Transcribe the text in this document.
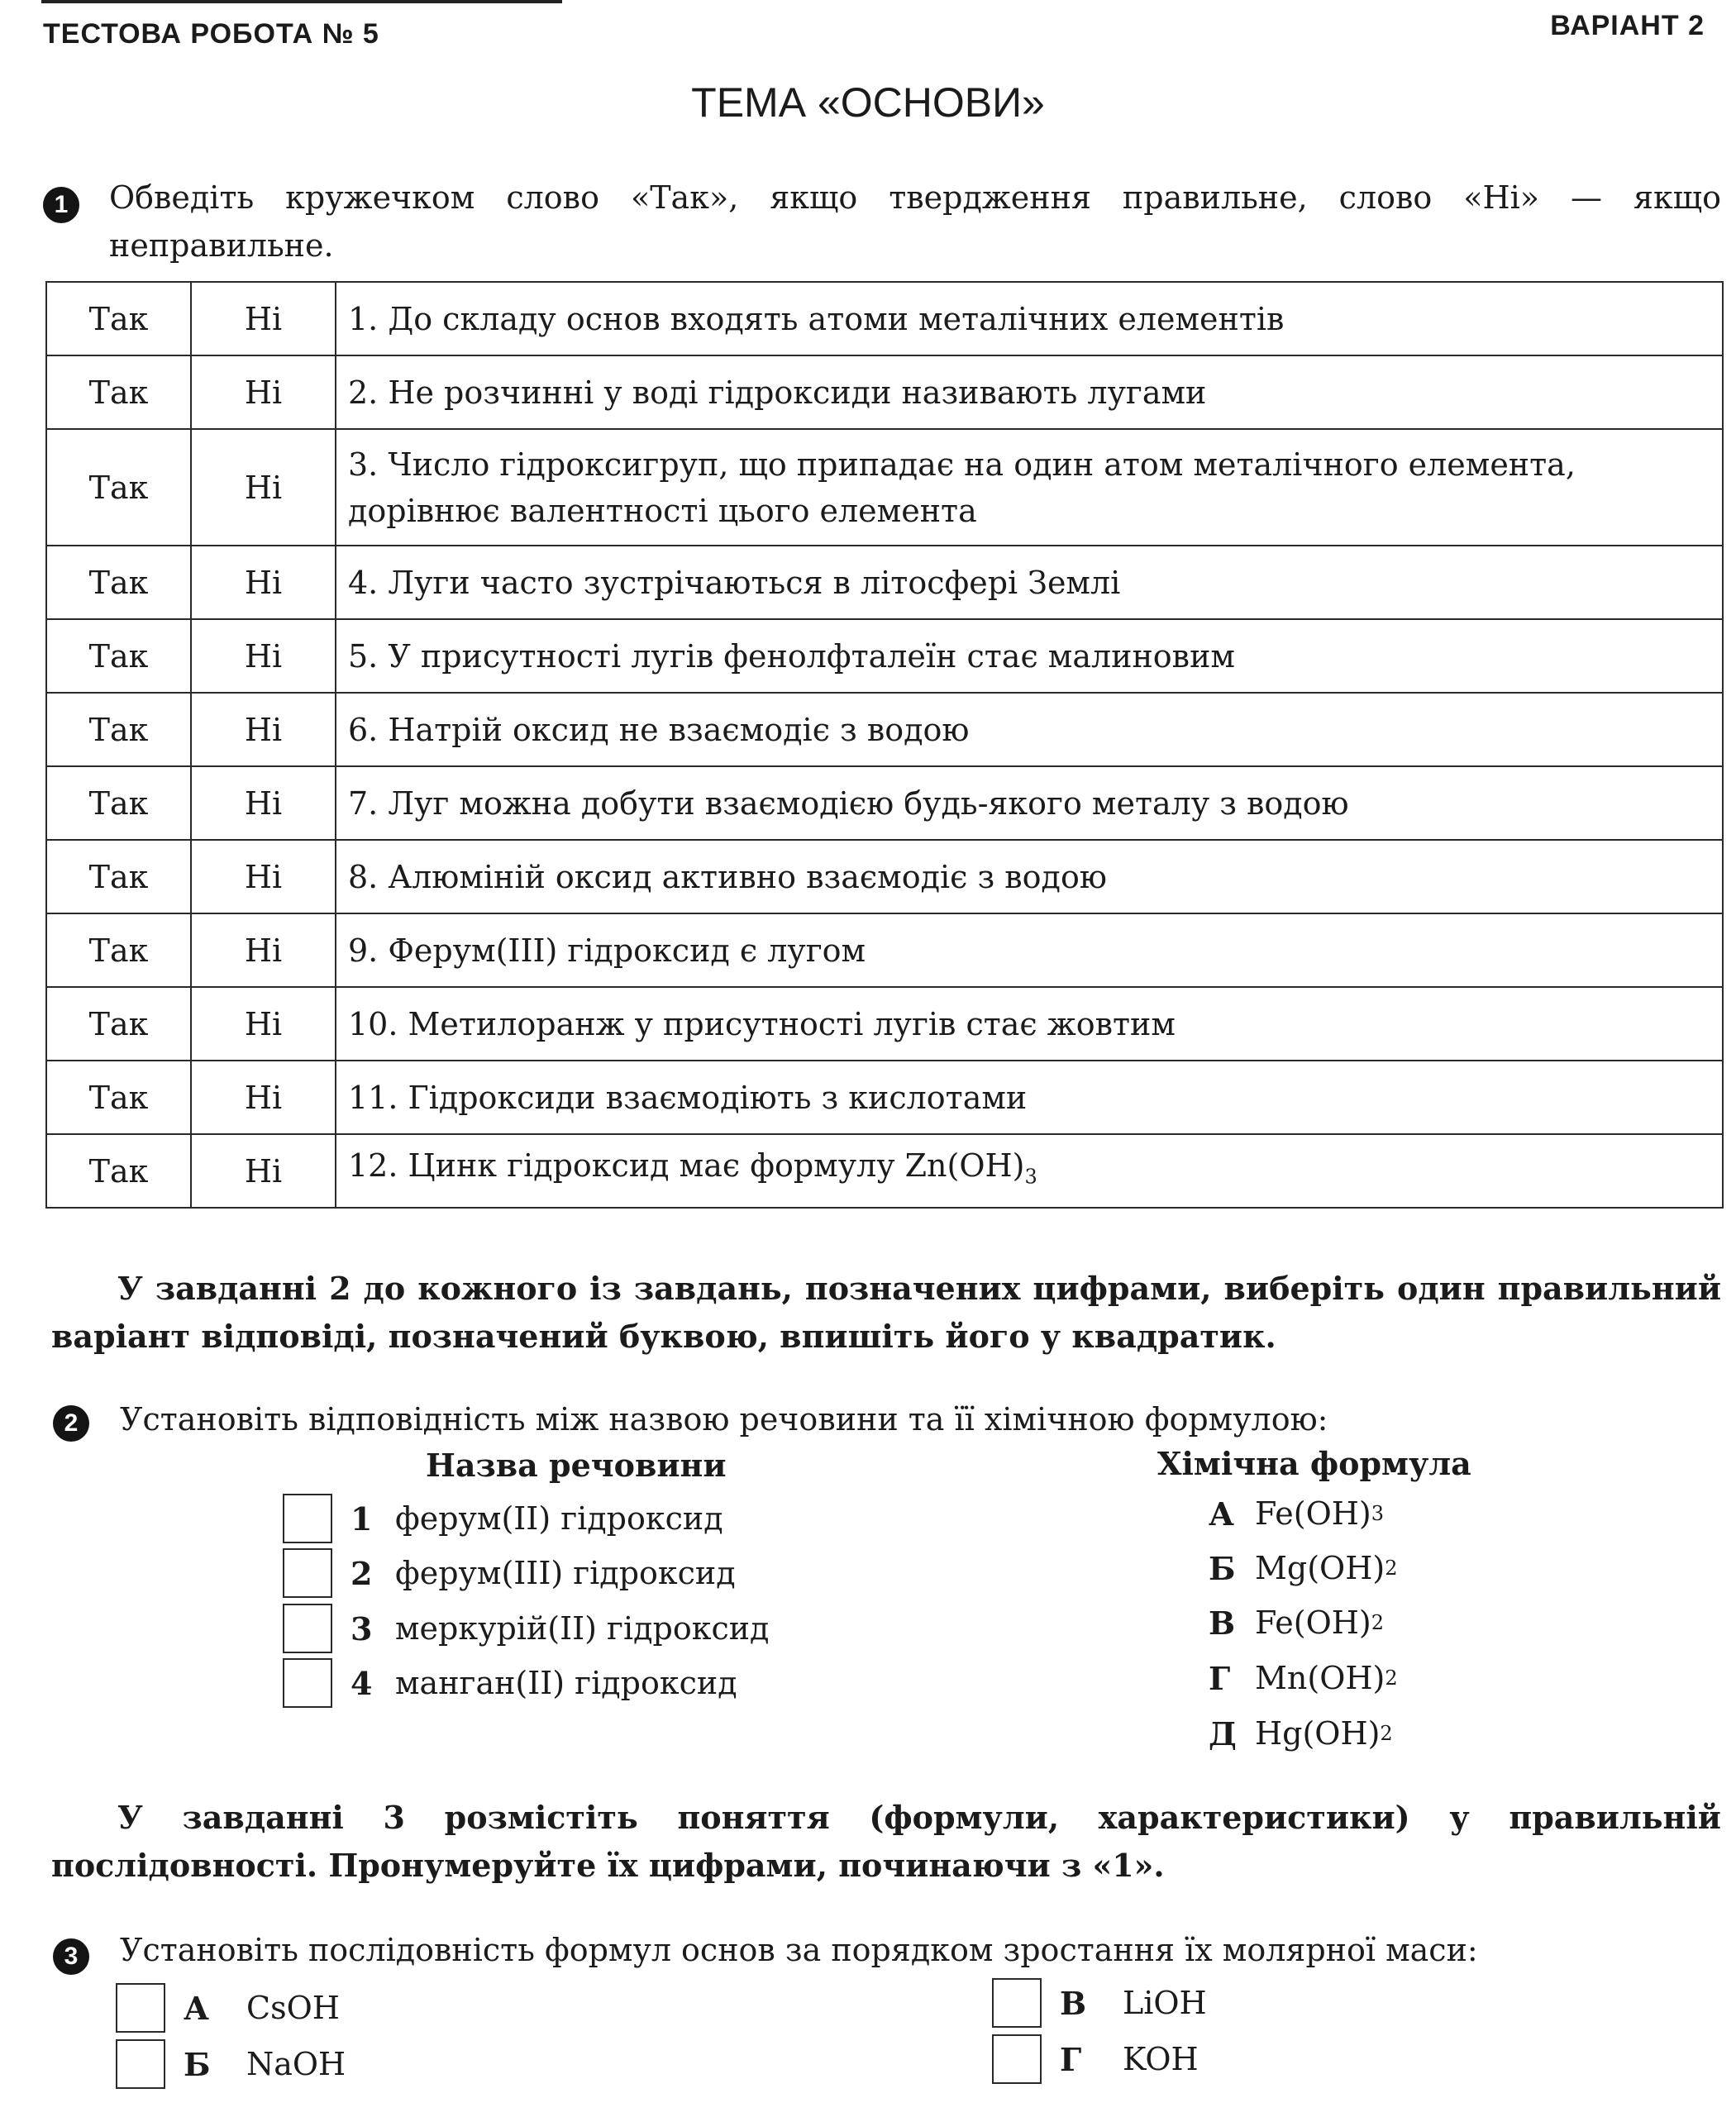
ТЕСТОВА РОБОТА № 5	ВАРІАНТ 2
ТЕМА «ОСНОВИ»
1	Обведіть кружечком слово «Так», якщо твердження правильне, слово «Ні» — якщо неправильне.
Так	Ні	1. До складу основ входять атоми металічних елементів
Так	Ні	2. Не розчинні у воді гідроксиди називають лугами
Так	Ні	3. Число гідроксигруп, що припадає на один атом металічного елемента, дорівнює валентності цього елемента
Так	Ні	4. Луги часто зустрічаються в літосфері Землі
Так	Ні	5. У присутності лугів фенолфталеїн стає малиновим
Так	Ні	6. Натрій оксид не взаємодіє з водою
Так	Ні	7. Луг можна добути взаємодією будь-якого металу з водою
Так	Ні	8. Алюміній оксид активно взаємодіє з водою
Так	Ні	9. Ферум(III) гідроксид є лугом
Так	Ні	10. Метилоранж у присутності лугів стає жовтим
Так	Ні	11. Гідроксиди взаємодіють з кислотами
Так	Ні	12. Цинк гідроксид має формулу $Zn(OH)_3$
У завданні 2 до кожного із завдань, позначених цифрами, виберіть один правильний варіант відповіді, позначений буквою, впишіть його у квадратик.
2	Установіть відповідність між назвою речовини та її хімічною формулою:
Назва речовини	Хімічна формула
1 ферум(II) гідроксид
2 ферум(III) гідроксид
3 меркурій(II) гідроксид
4 манган(II) гідроксид
А Fe(OH) 3
Б Mg(OH) 2
В Fe(OH) 2
Г Mn(OH) 2
Д Hg(OH) 2
У завданні 3 розмістіть поняття (формули, характеристики) у правильній послідовності. Пронумеруйте їх цифрами, починаючи з «1».
3	Установіть послідовність формул основ за порядком зростання їх молярної маси:
А	CsOH
Б	NaOH
В	LiOH
Г	KOH
